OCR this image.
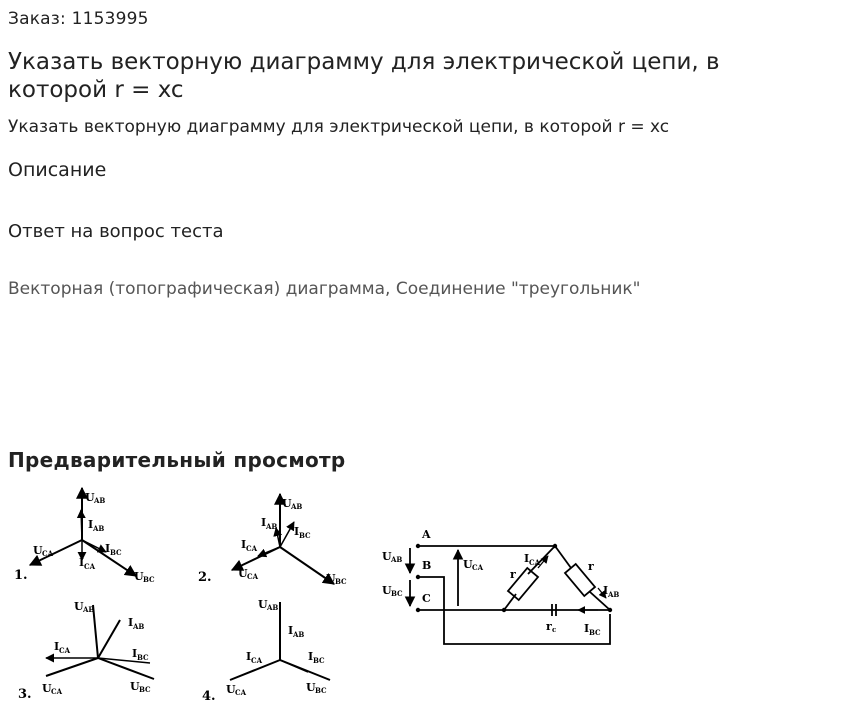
Заказ: 1153995
Указать векторную диаграмму для электрической цепи, в которой r = xc
Указать векторную диаграмму для электрической цепи, в которой r = xc
Описание
Ответ на вопрос теста
Векторная (топографическая) диаграмма, Соединение "треугольник"
Предварительный просмотр
U AB
I AB
U CA	I BC
I CA
U BC
1.
U AB
I AB I BC
I CA
U CA	U BC
2.
U AB
I AB
I CA	I BC
U CA	U BC
3.
U AB
I AB
I CA	I BC
U CA	U BC
4.
A
B
C
U AB
U BC
U CA
I CA
r
r
I AB
r c	I BC
